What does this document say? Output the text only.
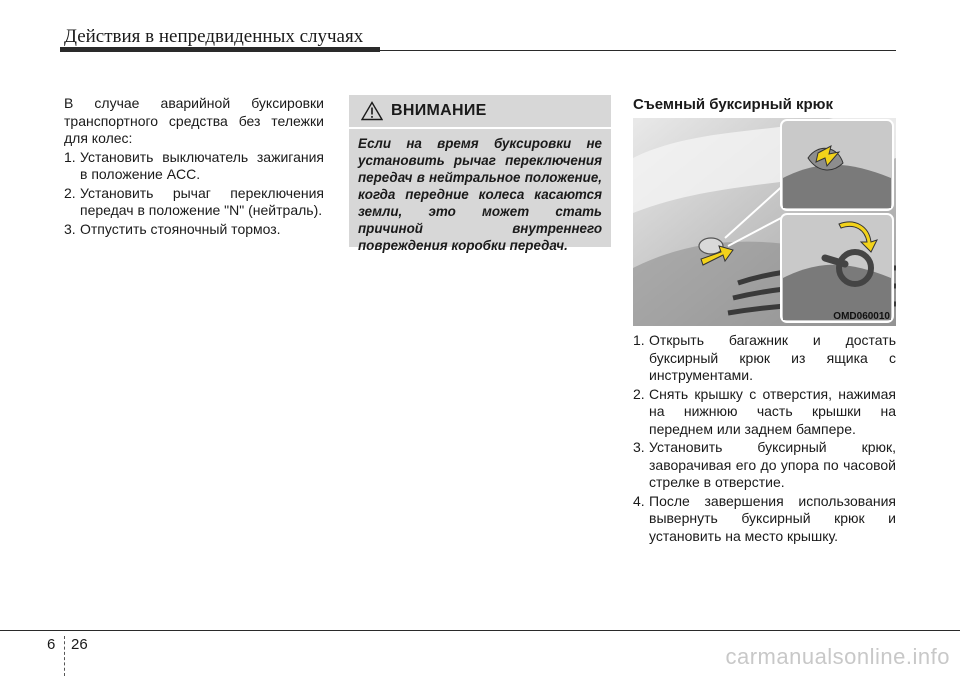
Действия в непредвиденных случаях

В случае аварийной буксировки транспортного средства без тележки для колес:

1. Установить выключатель зажигания в положение ACC.
2. Установить рычаг переключения передач в положение "N" (нейтраль).
3. Отпустить стояночный тормоз.
ВНИМАНИЕ
Если на время буксировки не установить рычаг переключения передач в нейтральное положение, когда передние колеса касаются земли, это может стать причиной внутреннего повреждения коробки передач.
Съемный буксирный крюк
OMD060010
1. Открыть багажник и достать буксирный крюк из ящика с инструментами.
2. Снять крышку с отверстия, нажимая на нижнюю часть крышки на переднем или заднем бампере.
3. Установить буксирный крюк, заворачивая его до упора по часовой стрелке в отверстие.
4. После завершения использования вывернуть буксирный крюк и установить на место крышку.
6 26	carmanualsonline.info
